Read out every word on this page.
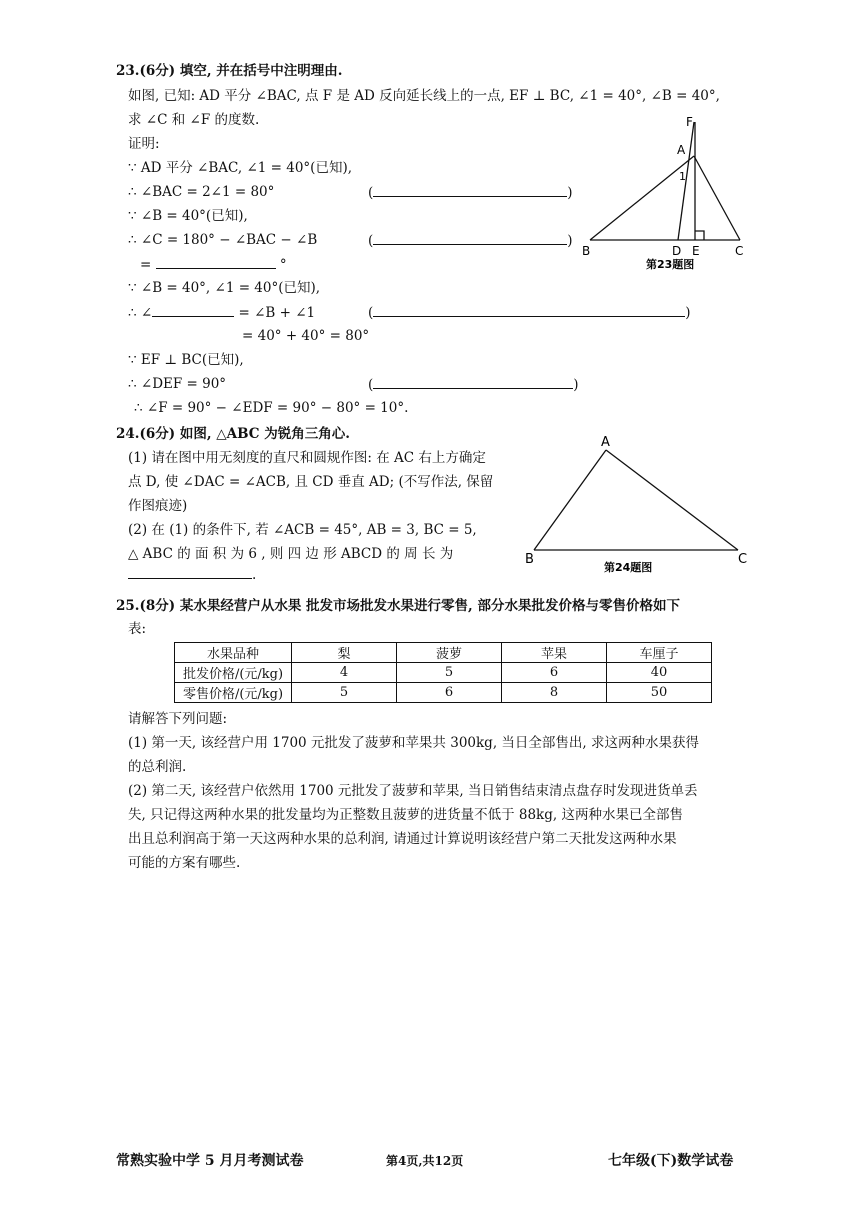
23.(6分) 填空, 并在括号中注明理由.
如图, 已知: AD 平分 ∠BAC, 点 F 是 AD 反向延长线上的一点, EF ⊥ BC, ∠1 = 40°, ∠B = 40°,
求 ∠C 和 ∠F 的度数.
证明:
∵ AD 平分 ∠BAC, ∠1 = 40°(已知),
∴ ∠BAC = 2∠1 = 80°	(	)
∵ ∠B = 40°(已知),
∴ ∠C = 180° − ∠BAC − ∠B	(	)
=	°
∵ ∠B = 40°, ∠1 = 40°(已知),
∴ ∠	= ∠B + ∠1	(	)
= 40° + 40° = 80°
∵ EF ⊥ BC(已知),
∴ ∠DEF = 90°	(	)
∴ ∠F = 90° − ∠EDF = 90° − 80° = 10°.
F
A
1
B	D E	C
第23题图
24.(6分) 如图, △ABC 为锐角三角心.
(1) 请在图中用无刻度的直尺和圆规作图: 在 AC 右上方确定
点 D, 使 ∠DAC = ∠ACB, 且 CD 垂直 AD; (不写作法, 保留
作图痕迹)
(2) 在 (1) 的条件下, 若 ∠ACB = 45°, AB = 3, BC = 5,
△ ABC 的 面 积 为 6 , 则 四 边 形 ABCD 的 周 长 为
.
A
B	C
第24题图
25.(8分) 某水果经营户从水果 批发市场批发水果进行零售, 部分水果批发价格与零售价格如下
表:
水果品种	梨	菠萝	苹果	车厘子
批发价格/(元/kg)	4	5	6	40
零售价格/(元/kg)	5	6	8	50
请解答下列问题:
(1) 第一天, 该经营户用 1700 元批发了菠萝和苹果共 300kg, 当日全部售出, 求这两种水果获得
的总利润.
(2) 第二天, 该经营户依然用 1700 元批发了菠萝和苹果, 当日销售结束清点盘存时发现进货单丢
失, 只记得这两种水果的批发量均为正整数且菠萝的进货量不低于 88kg, 这两种水果已全部售
出且总利润高于第一天这两种水果的总利润, 请通过计算说明该经营户第二天批发这两种水果
可能的方案有哪些.
常熟实验中学 5 月月考测试卷	第4页,共12页	七年级(下)数学试卷
